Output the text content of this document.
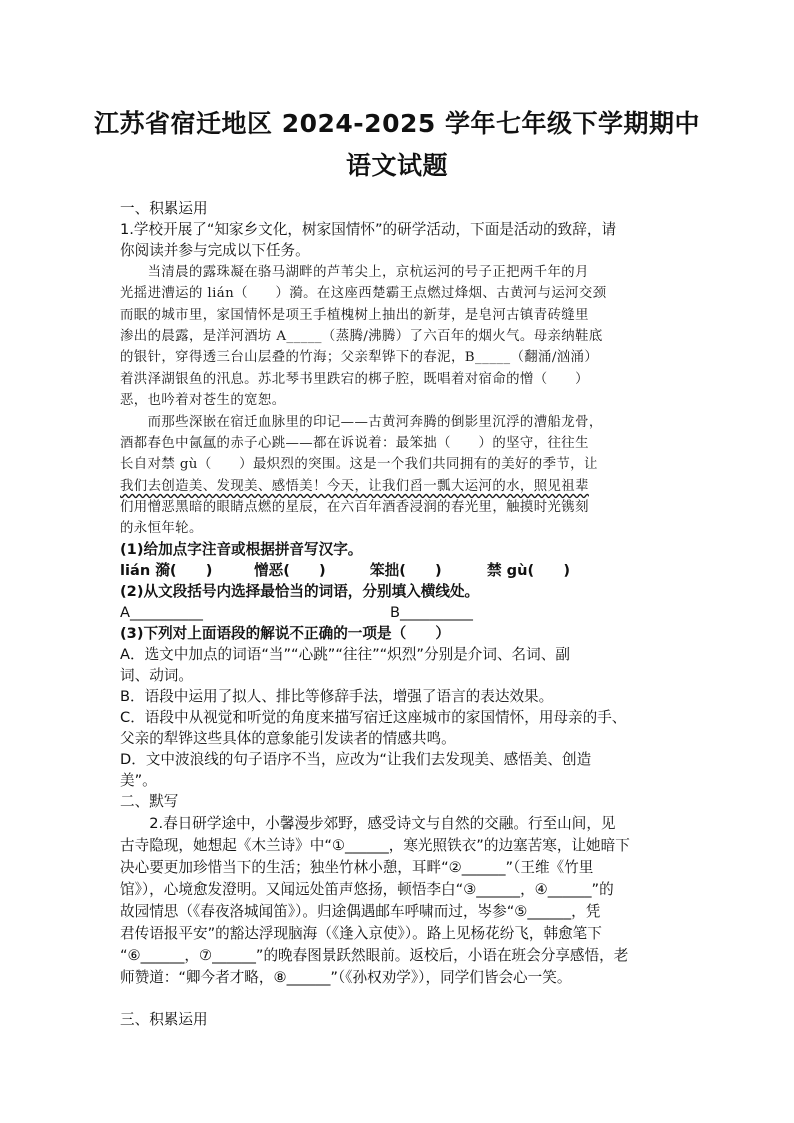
江苏省宿迁地区 2024-2025 学年七年级下学期期中
语文试题
一、积累运用
1.学校开展了“知家乡文化，树家国情怀”的研学活动，下面是活动的致辞，请
你阅读并参与完成以下任务。
　　当清晨的露珠凝在骆马湖畔的芦苇尖上，京杭运河的号子正把两千年的月
光摇进漕运的 lián（　　）漪。在这座西楚霸王点燃过烽烟、古黄河与运河交颈
而眠的城市里，家国情怀是项王手植槐树上抽出的新芽，是皂河古镇青砖缝里
渗出的晨露，是洋河酒坊 A_____（蒸腾/沸腾）了六百年的烟火气。母亲纳鞋底
的银针，穿得透三台山层叠的竹海；父亲犁铧下的春泥，B_____（翻涌/汹涌）
着洪泽湖银鱼的汛息。苏北琴书里跌宕的梆子腔，既唱着对宿命的憎（　　）
恶，也吟着对苍生的宽恕。
　　而那些深嵌在宿迁血脉里的印记——古黄河奔腾的倒影里沉浮的漕船龙骨，
酒都春色中氤氲的赤子心跳——都在诉说着：最笨拙（　　）的坚守，往往生
长自对禁 gù（　　）最炽烈的突围。这是一个我们共同拥有的美好的季节，让
我们去创造美、发现美、感悟美！今天，让我们舀一瓢大运河的水，照见祖辈
们用憎恶黑暗的眼睛点燃的星辰，在六百年酒香浸润的春光里，触摸时光镌刻
的永恒年轮。
(1)给加点字注音或根据拼音写汉字。
lián 漪(　　)	憎恶(　　)	笨拙(　　)	禁 gù(　　)
(2)从文段括号内选择最恰当的词语，分别填入横线处。
A__________	B__________
(3)下列对上面语段的解说不正确的一项是（　　）
A．选文中加点的词语“当”“心跳”“往往”“炽烈”分别是介词、名词、副
词、动词。
B．语段中运用了拟人、排比等修辞手法，增强了语言的表达效果。
C．语段中从视觉和听觉的角度来描写宿迁这座城市的家国情怀，用母亲的手、
父亲的犁铧这些具体的意象能引发读者的情感共鸣。
D．文中波浪线的句子语序不当，应改为“让我们去发现美、感悟美、创造
美”。
二、默写
　　2.春日研学途中，小馨漫步郊野，感受诗文与自然的交融。行至山间，见
古寺隐现，她想起《木兰诗》中“①______，寒光照铁衣”的边塞苦寒，让她暗下
决心要更加珍惜当下的生活；独坐竹林小憩，耳畔“②______”（王维《竹里
馆》），心境愈发澄明。又闻远处笛声悠扬，顿悟李白“③______，④______”的
故园情思（《春夜洛城闻笛》）。归途偶遇邮车呼啸而过，岑参“⑤______，凭
君传语报平安”的豁达浮现脑海（《逢入京使》）。路上见杨花纷飞，韩愈笔下
“⑥______，⑦______”的晚春图景跃然眼前。返校后，小语在班会分享感悟，老
师赞道：“卿今者才略，⑧______”（《孙权劝学》），同学们皆会心一笑。
三、积累运用
